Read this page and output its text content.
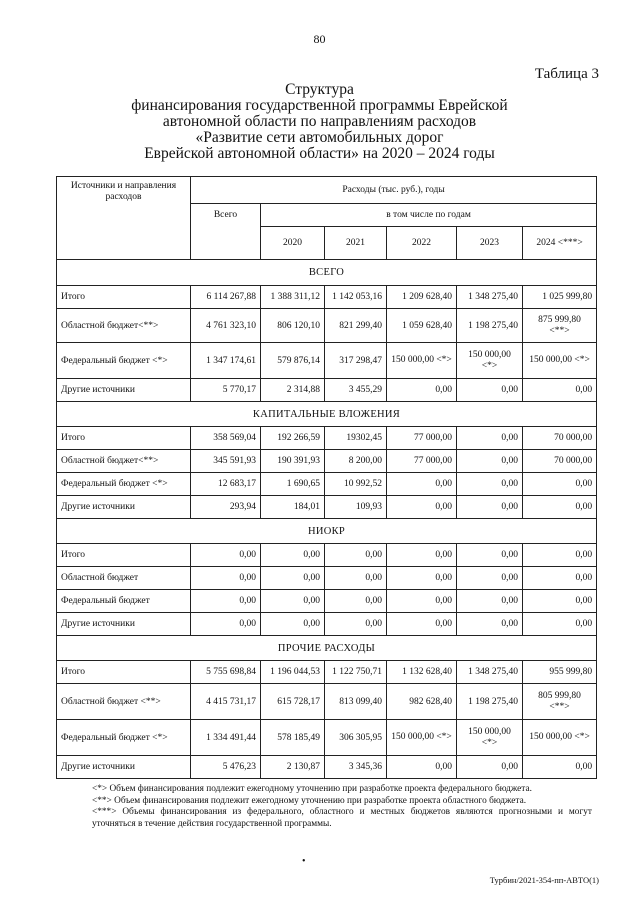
80
Таблица 3
Структура
финансирования государственной программы Еврейской
автономной области по направлениям расходов
«Развитие сети автомобильных дорог
Еврейской автономной области» на 2020 – 2024 годы
Источники и направления расходов	Расходы (тыс. руб.), годы					
	Всего	в том числе по годам				
		2020	2021	2022	2023	2024 <***>
ВСЕГО						
Итого	6 114 267,88	1 388 311,12	1 142 053,16	1 209 628,40	1 348 275,40	1 025 999,80
Областной бюджет<**>	4 761 323,10	806 120,10	821 299,40	1 059 628,40	1 198 275,40	875 999,80 <**>
Федеральный бюджет <*>	1 347 174,61	579 876,14	317 298,47	150 000,00 <*>	150 000,00 <*>	150 000,00 <*>
Другие источники	5 770,17	2 314,88	3 455,29	0,00	0,00	0,00
КАПИТАЛЬНЫЕ ВЛОЖЕНИЯ						
Итого	358 569,04	192 266,59	19302,45	77 000,00	0,00	70 000,00
Областной бюджет<**>	345 591,93	190 391,93	8 200,00	77 000,00	0,00	70 000,00
Федеральный бюджет <*>	12 683,17	1 690,65	10 992,52	0,00	0,00	0,00
Другие источники	293,94	184,01	109,93	0,00	0,00	0,00
НИОКР						
Итого	0,00	0,00	0,00	0,00	0,00	0,00
Областной бюджет	0,00	0,00	0,00	0,00	0,00	0,00
Федеральный бюджет	0,00	0,00	0,00	0,00	0,00	0,00
Другие источники	0,00	0,00	0,00	0,00	0,00	0,00
ПРОЧИЕ РАСХОДЫ						
Итого	5 755 698,84	1 196 044,53	1 122 750,71	1 132 628,40	1 348 275,40	955 999,80
Областной бюджет <**>	4 415 731,17	615 728,17	813 099,40	982 628,40	1 198 275,40	805 999,80 <**>
Федеральный бюджет <*>	1 334 491,44	578 185,49	306 305,95	150 000,00 <*>	150 000,00 <*>	150 000,00 <*>
Другие источники	5 476,23	2 130,87	3 345,36	0,00	0,00	0,00

<*> Объем финансирования подлежит ежегодному уточнению при разработке проекта федерального бюджета.

<**> Объем финансирования подлежит ежегодному уточнению при разработке проекта областного бюджета.

<***> Объемы финансирования из федерального, областного и местных бюджетов являются прогнозными и могут уточняться в течение действия государственной программы.

•
Турбин/2021-354-пп-АВТО(1)
